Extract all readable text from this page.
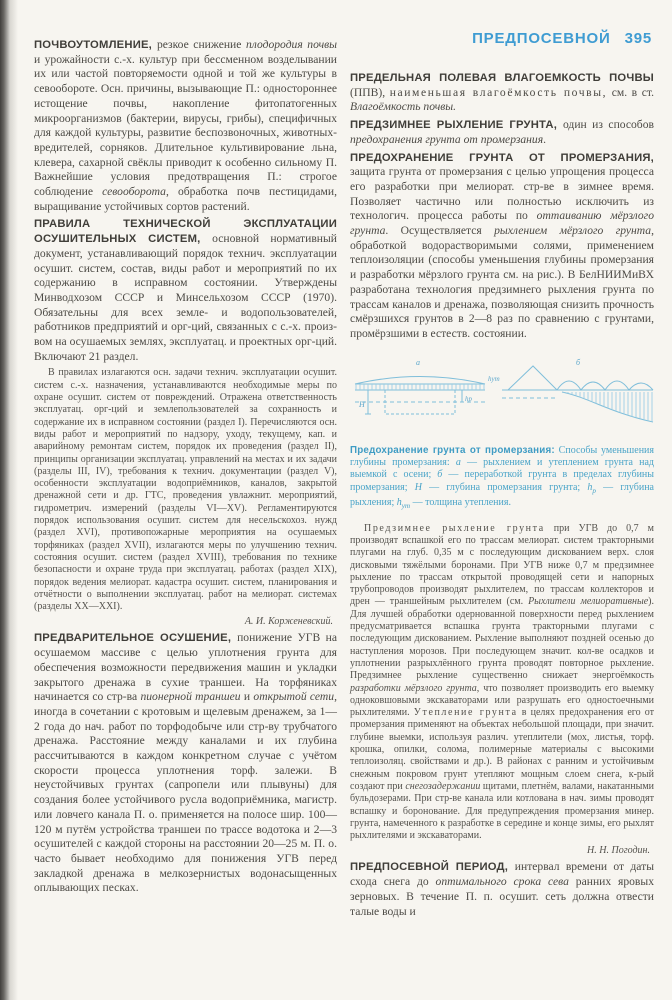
ПОЧВОУТОМЛЕНИЕ, резкое снижение плодородия почвы и урожайности с.-х. культур при бессменном возделывании их или частой повторяемости одной и той же культуры в севообороте. Осн. причины, вызывающие П.: одностороннее истощение почвы, накопление фитопатогенных микроорганизмов (бактерии, вирусы, грибы), специфичных для каждой культуры, развитие беспозвоночных, животных-вредителей, сорняков. Длительное культивирование льна, клевера, сахарной свёклы приводит к особенно сильному П. Важнейшие условия предотвращения П.: строгое соблюдение севооборота, обработка почв пестицидами, выращивание устойчивых сортов растений.

ПРАВИЛА ТЕХНИЧЕСКОЙ ЭКСПЛУАТАЦИИ ОСУШИТЕЛЬНЫХ СИСТЕМ, основной нормативный документ, устанавливающий порядок технич. эксплуатации осушит. систем, состав, виды работ и мероприятий по их содержанию в исправном состоянии. Утверждены Минводхозом СССР и Минсельхозом СССР (1970). Обязательны для всех земле- и водопользователей, работников предприятий и орг-ций, связанных с с.-х. произ-вом на осушаемых землях, эксплуатац. и проектных орг-ций. Включают 21 раздел.

В правилах излагаются осн. задачи технич. эксплуатации осушит. систем с.-х. назначения, устанавливаются необходимые меры по охране осушит. систем от повреждений. Отражена ответственность эксплуатац. орг-ций и землепользователей за сохранность и содержание их в исправном состоянии (раздел I). Перечисляются осн. виды работ и мероприятий по надзору, уходу, текущему, кап. и аварийному ремонтам систем, порядок их проведения (раздел II), принципы организации эксплуатац. управлений на местах и их задачи (разделы III, IV), требования к технич. документации (раздел V), особенности эксплуатации водоприёмников, каналов, закрытой дренажной сети и др. ГТС, проведения увлажнит. мероприятий, гидрометрич. измерений (разделы VI—XV). Регламентируются порядок использования осушит. систем для несельскохоз. нужд (раздел XVI), противопожарные мероприятия на осушаемых торфяниках (раздел XVII), излагаются меры по улучшению технич. состояния осушит. систем (раздел XVIII), требования по технике безопасности и охране труда при эксплуатац. работах (раздел XIX), порядок ведения мелиорат. кадастра осушит. систем, планирования и отчётности о выполнении эксплуатац. работ на мелиорат. системах (разделы XX—XXI).

А. И. Корженевский.

ПРЕДВАРИТЕЛЬНОЕ ОСУШЕНИЕ, понижение УГВ на осушаемом массиве с целью уплотнения грунта для обеспечения возможности передвижения машин и укладки закрытого дренажа в сухие траншеи. На торфяниках начинается со стр-ва пионерной траншеи и открытой сети, иногда в сочетании с кротовым и щелевым дренажем, за 1—2 года до нач. работ по торфодобыче или стр-ву трубчатого дренажа. Расстояние между каналами и их глубина рассчитываются в каждом конкретном случае с учётом скорости процесса уплотнения торф. залежи. В неустойчивых грунтах (сапропели или плывуны) для создания более устойчивого русла водоприёмника, магистр. или ловчего канала П. о. применяется на полосе шир. 100—120 м путём устройства траншеи по трассе водотока и 2—3 осушителей с каждой стороны на расстоянии 20—25 м. П. о. часто бывает необходимо для понижения УГВ перед закладкой дренажа в мелкозернистых водонасыщенных оплывающих песках.

ПРЕДПОСЕВНОЙ 395

ПРЕДЕЛЬНАЯ ПОЛЕВАЯ ВЛАГОЕМКОСТЬ ПОЧВЫ (ППВ), наименьшая влагоёмкость почвы, см. в ст. Влагоёмкость почвы.

ПРЕДЗИМНЕЕ РЫХЛЕНИЕ ГРУНТА, один из способов предохранения грунта от промерзания.

ПРЕДОХРАНЕНИЕ ГРУНТА ОТ ПРОМЕРЗАНИЯ, защита грунта от промерзания с целью упрощения процесса его разработки при мелиорат. стр-ве в зимнее время. Позволяет частично или полностью исключить из технологич. процесса работы по оттаиванию мёрзлого грунта. Осуществляется рыхлением мёрзлого грунта, обработкой водорастворимыми солями, применением теплоизоляции (способы уменьшения глубины промерзания и разработки мёрзлого грунта см. на рис.). В БелНИИМиВХ разработана технология предзимнего рыхления грунта по трассам каналов и дренажа, позволяющая снизить прочность смёрзшихся грунтов в 2—8 раз по сравнению с грунтами, промёрзшими в естеств. состоянии.

а	б
Н
hр
hут

Предохранение грунта от промерзания: Способы уменьшения глубины промерзания: а — рыхлением и утеплением грунта над выемкой с осени; б — переработкой грунта в пределах глубины промерзания; Н — глубина промерзания грунта; $h_р$ — глубина рыхления; $h_{ут}$ — толщина утепления.

Предзимнее рыхление грунта при УГВ до 0,7 м производят вспашкой его по трассам мелиорат. систем тракторными плугами на глуб. 0,35 м с последующим дискованием верх. слоя дисковыми тяжёлыми боронами. При УГВ ниже 0,7 м предзимнее рыхление по трассам открытой проводящей сети и напорных трубопроводов производят рыхлителем, по трассам коллекторов и дрен — траншейным рыхлителем (см. Рыхлители мелиоративные). Для лучшей обработки одернованной поверхности перед рыхлением предусматривается вспашка грунта тракторными плугами с последующим дискованием. Рыхление выполняют поздней осенью до наступления морозов. При последующем значит. кол-ве осадков и уплотнении разрыхлённого грунта проводят повторное рыхление. Предзимнее рыхление существенно снижает энергоёмкость разработки мёрзлого грунта, что позволяет производить его выемку одноковшовыми экскаваторами или разрушать его одностоечными рыхлителями. Утепление грунта в целях предохранения его от промерзания применяют на объектах небольшой площади, при значит. глубине выемки, используя различ. утеплители (мох, листья, торф. крошка, опилки, солома, полимерные материалы с высокими теплоизоляц. свойствами и др.). В районах с ранним и устойчивым снежным покровом грунт утепляют мощным слоем снега, к-рый создают при снегозадержании щитами, плетнём, валами, накатанными бульдозерами. При стр-ве канала или котлована в нач. зимы проводят вспашку и боронование. Для предупреждения промерзания минер. грунта, намеченного к разработке в середине и конце зимы, его рыхлят рыхлителями и экскаваторами.

Н. Н. Погодин.

ПРЕДПОСЕВНОЙ ПЕРИОД, интервал времени от даты схода снега до оптимального срока сева ранних яровых зерновых. В течение П. п. осушит. сеть должна отвести талые воды и
